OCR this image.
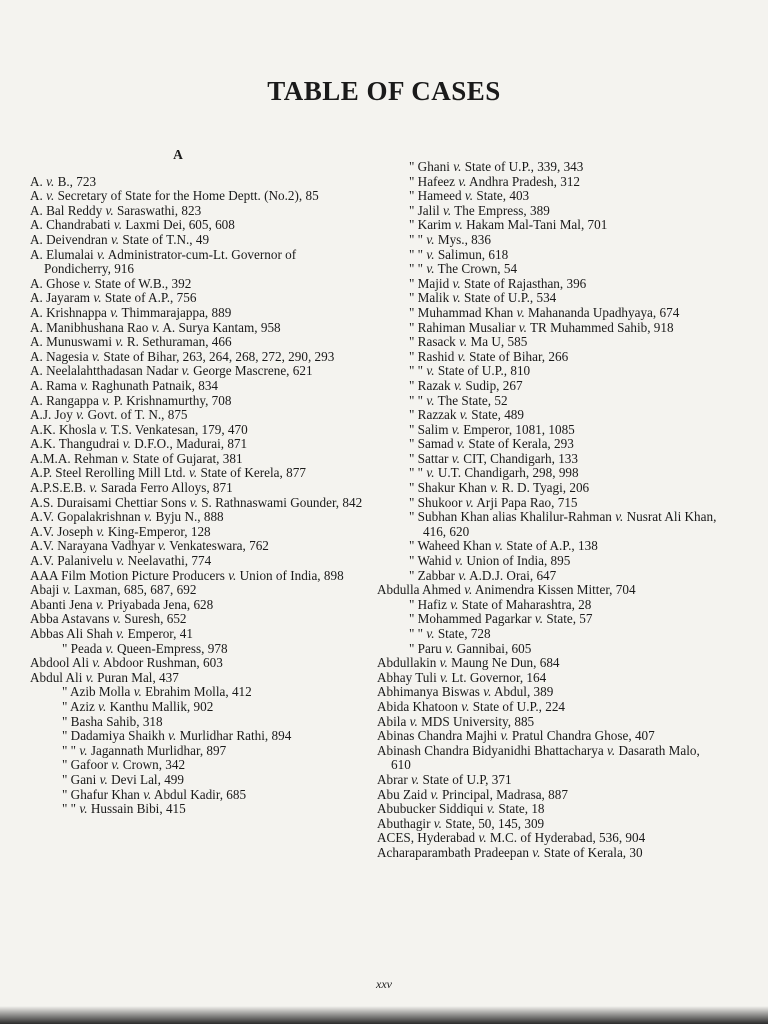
TABLE OF CASES
A
A. v. B., 723
A. v. Secretary of State for the Home Deptt. (No.2), 85
A. Bal Reddy v. Saraswathi, 823
A. Chandrabati v. Laxmi Dei, 605, 608
A. Deivendran v. State of T.N., 49
A. Elumalai v. Administrator-cum-Lt. Governor of Pondicherry, 916
A. Ghose v. State of W.B., 392
A. Jayaram v. State of A.P., 756
A. Krishnappa v. Thimmarajappa, 889
A. Manibhushana Rao v. A. Surya Kantam, 958
A. Munuswami v. R. Sethuraman, 466
A. Nagesia v. State of Bihar, 263, 264, 268, 272, 290, 293
A. Neelalahtthadasan Nadar v. George Mascrene, 621
A. Rama v. Raghunath Patnaik, 834
A. Rangappa v. P. Krishnamurthy, 708
A.J. Joy v. Govt. of T. N., 875
A.K. Khosla v. T.S. Venkatesan, 179, 470
A.K. Thangudrai v. D.F.O., Madurai, 871
A.M.A. Rehman v. State of Gujarat, 381
A.P. Steel Rerolling Mill Ltd. v. State of Kerela, 877
A.P.S.E.B. v. Sarada Ferro Alloys, 871
A.S. Duraisami Chettiar Sons v. S. Rathnaswami Gounder, 842
A.V. Gopalakrishnan v. Byju N., 888
A.V. Joseph v. King-Emperor, 128
A.V. Narayana Vadhyar v. Venkateswara, 762
A.V. Palanivelu v. Neelavathi, 774
AAA Film Motion Picture Producers v. Union of India, 898
Abaji v. Laxman, 685, 687, 692
Abanti Jena v. Priyabada Jena, 628
Abba Astavans v. Suresh, 652
Abbas Ali Shah v. Emperor, 41
" Peada v. Queen-Empress, 978
Abdool Ali v. Abdoor Rushman, 603
Abdul Ali v. Puran Mal, 437
" Azib Molla v. Ebrahim Molla, 412
" Aziz v. Kanthu Mallik, 902
" Basha Sahib, 318
" Dadamiya Shaikh v. Murlidhar Rathi, 894
" " v. Jagannath Murlidhar, 897
" Gafoor v. Crown, 342
" Gani v. Devi Lal, 499
" Ghafur Khan v. Abdul Kadir, 685
" " v. Hussain Bibi, 415
" Ghani v. State of U.P., 339, 343
" Hafeez v. Andhra Pradesh, 312
" Hameed v. State, 403
" Jalil v. The Empress, 389
" Karim v. Hakam Mal-Tani Mal, 701
" " v. Mys., 836
" " v. Salimun, 618
" " v. The Crown, 54
" Majid v. State of Rajasthan, 396
" Malik v. State of U.P., 534
" Muhammad Khan v. Mahananda Upadhyaya, 674
" Rahiman Musaliar v. TR Muhammed Sahib, 918
" Rasack v. Ma U, 585
" Rashid v. State of Bihar, 266
" " v. State of U.P., 810
" Razak v. Sudip, 267
" " v. The State, 52
" Razzak v. State, 489
" Salim v. Emperor, 1081, 1085
" Samad v. State of Kerala, 293
" Sattar v. CIT, Chandigarh, 133
" " v. U.T. Chandigarh, 298, 998
" Shakur Khan v. R. D. Tyagi, 206
" Shukoor v. Arji Papa Rao, 715
" Subhan Khan alias Khalilur-Rahman v. Nusrat Ali Khan, 416, 620
" Waheed Khan v. State of A.P., 138
" Wahid v. Union of India, 895
" Zabbar v. A.D.J. Orai, 647
Abdulla Ahmed v. Animendra Kissen Mitter, 704
" Hafiz v. State of Maharashtra, 28
" Mohammed Pagarkar v. State, 57
" " v. State, 728
" Paru v. Gannibai, 605
Abdullakin v. Maung Ne Dun, 684
Abhay Tuli v. Lt. Governor, 164
Abhimanya Biswas v. Abdul, 389
Abida Khatoon v. State of U.P., 224
Abila v. MDS University, 885
Abinas Chandra Majhi v. Pratul Chandra Ghose, 407
Abinash Chandra Bidyanidhi Bhattacharya v. Dasarath Malo, 610
Abrar v. State of U.P, 371
Abu Zaid v. Principal, Madrasa, 887
Abubucker Siddiqui v. State, 18
Abuthagir v. State, 50, 145, 309
ACES, Hyderabad v. M.C. of Hyderabad, 536, 904
Acharaparambath Pradeepan v. State of Kerala, 30
xxv
